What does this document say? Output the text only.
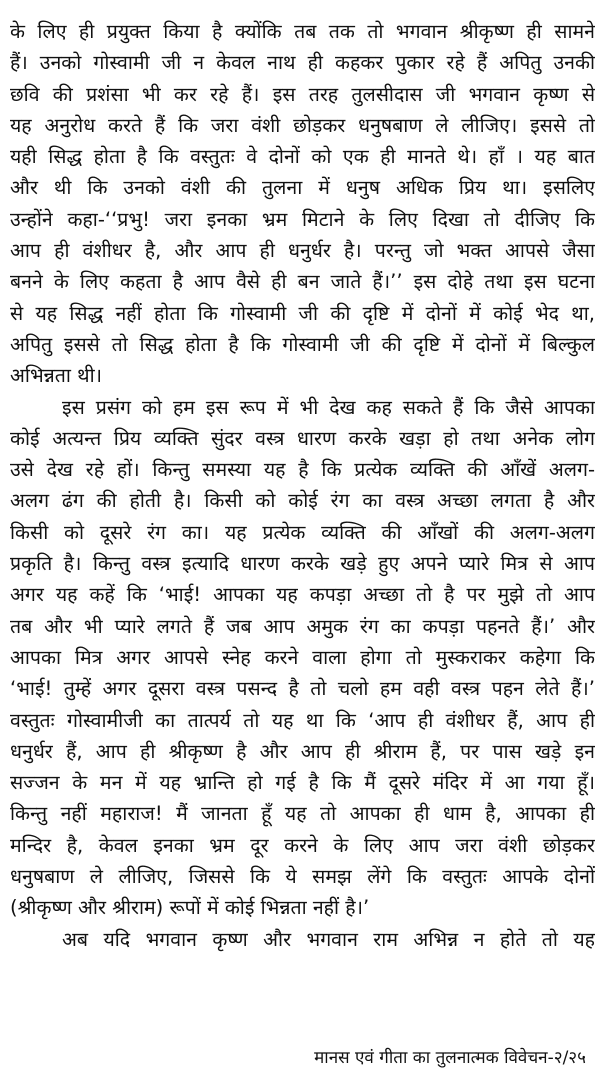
के लिए ही प्रयुक्त किया है क्योंकि तब तक तो भगवान श्रीकृष्ण ही सामने
हैं। उनको गोस्वामी जी न केवल नाथ ही कहकर पुकार रहे हैं अपितु उनकी
छवि की प्रशंसा भी कर रहे हैं। इस तरह तुलसीदास जी भगवान कृष्ण से
यह अनुरोध करते हैं कि जरा वंशी छोड़कर धनुषबाण ले लीजिए। इससे तो
यही सिद्ध होता है कि वस्तुतः वे दोनों को एक ही मानते थे। हाँ । यह बात
और थी कि उनको वंशी की तुलना में धनुष अधिक प्रिय था। इसलिए
उन्होंने कहा-‘‘प्रभु! जरा इनका भ्रम मिटाने के लिए दिखा तो दीजिए कि
आप ही वंशीधर है, और आप ही धनुर्धर है। परन्तु जो भक्त आपसे जैसा
बनने के लिए कहता है आप वैसे ही बन जाते हैं।’’ इस दोहे तथा इस घटना
से यह सिद्ध नहीं होता कि गोस्वामी जी की दृष्टि में दोनों में कोई भेद था,
अपितु इससे तो सिद्ध होता है कि गोस्वामी जी की दृष्टि में दोनों में बिल्कुल
अभिन्नता थी।
इस प्रसंग को हम इस रूप में भी देख कह सकते हैं कि जैसे आपका
कोई अत्यन्त प्रिय व्यक्ति सुंदर वस्त्र धारण करके खड़ा हो तथा अनेक लोग
उसे देख रहे हों। किन्तु समस्या यह है कि प्रत्येक व्यक्ति की आँखें अलग-
अलग ढंग की होती है। किसी को कोई रंग का वस्त्र अच्छा लगता है और
किसी को दूसरे रंग का। यह प्रत्येक व्यक्ति की आँखों की अलग-अलग
प्रकृति है। किन्तु वस्त्र इत्यादि धारण करके खड़े हुए अपने प्यारे मित्र से आप
अगर यह कहें कि ‘भाई! आपका यह कपड़ा अच्छा तो है पर मुझे तो आप
तब और भी प्यारे लगते हैं जब आप अमुक रंग का कपड़ा पहनते हैं।’ और
आपका मित्र अगर आपसे स्नेह करने वाला होगा तो मुस्कराकर कहेगा कि
‘भाई! तुम्हें अगर दूसरा वस्त्र पसन्द है तो चलो हम वही वस्त्र पहन लेते हैं।’
वस्तुतः गोस्वामीजी का तात्पर्य तो यह था कि ‘आप ही वंशीधर हैं, आप ही
धनुर्धर हैं, आप ही श्रीकृष्ण है और आप ही श्रीराम हैं, पर पास खड़े इन
सज्जन के मन में यह भ्रान्ति हो गई है कि मैं दूसरे मंदिर में आ गया हूँ।
किन्तु नहीं महाराज! मैं जानता हूँ यह तो आपका ही धाम है, आपका ही
मन्दिर है, केवल इनका भ्रम दूर करने के लिए आप जरा वंशी छोड़कर
धनुषबाण ले लीजिए, जिससे कि ये समझ लेंगे कि वस्तुतः आपके दोनों
(श्रीकृष्ण और श्रीराम) रूपों में कोई भिन्नता नहीं है।’
अब यदि भगवान कृष्ण और भगवान राम अभिन्न न होते तो यह
मानस एवं गीता का तुलनात्मक विवेचन-२/२५
